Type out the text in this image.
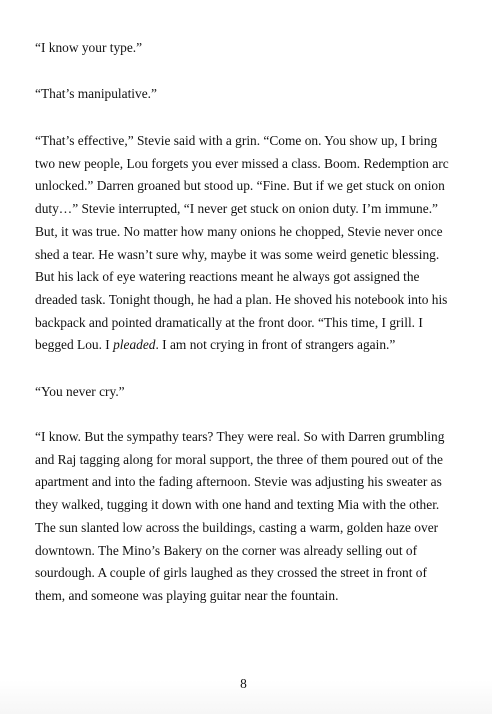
“I know your type.”

“That’s manipulative.”

“That’s effective,” Stevie said with a grin. “Come on. You show up, I bring
two new people, Lou forgets you ever missed a class. Boom. Redemption arc
unlocked.” Darren groaned but stood up. “Fine. But if we get stuck on onion
duty…” Stevie interrupted, “I never get stuck on onion duty. I’m immune.”
But, it was true. No matter how many onions he chopped, Stevie never once
shed a tear. He wasn’t sure why, maybe it was some weird genetic blessing.
But his lack of eye watering reactions meant he always got assigned the
dreaded task. Tonight though, he had a plan. He shoved his notebook into his
backpack and pointed dramatically at the front door. “This time, I grill. I
begged Lou. I pleaded. I am not crying in front of strangers again.”

“You never cry.”

“I know. But the sympathy tears? They were real. So with Darren grumbling
and Raj tagging along for moral support, the three of them poured out of the
apartment and into the fading afternoon. Stevie was adjusting his sweater as
they walked, tugging it down with one hand and texting Mia with the other.
The sun slanted low across the buildings, casting a warm, golden haze over
downtown. The Mino’s Bakery on the corner was already selling out of
sourdough. A couple of girls laughed as they crossed the street in front of
them, and someone was playing guitar near the fountain.

8
